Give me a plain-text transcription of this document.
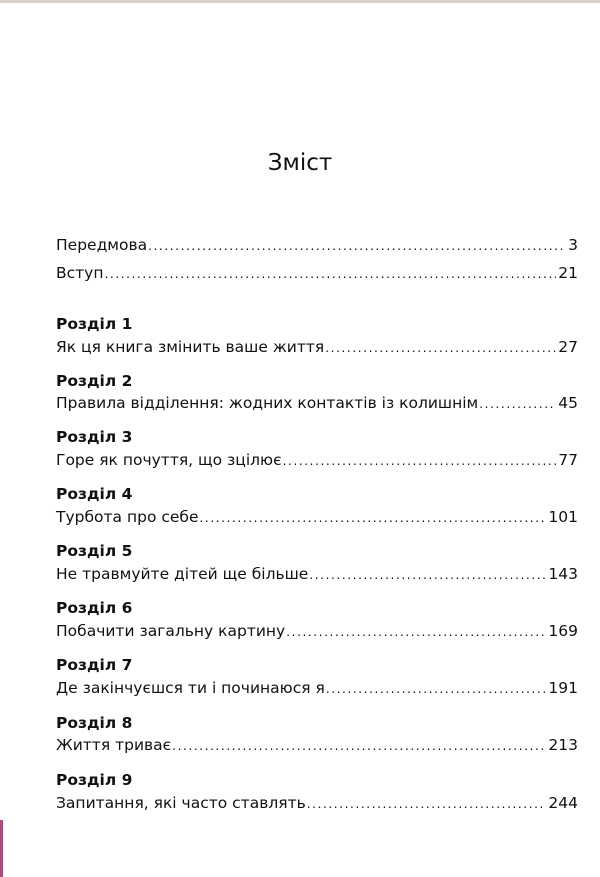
Зміст
Передмова .....	3
Вступ .....	21
Розділ 1
Як ця книга змінить ваше життя .....	27
Розділ 2
Правила відділення: жодних контактів із колишнім .....	45
Розділ 3
Горе як почуття, що зцілює .....	77
Розділ 4
Турбота про себе .....	101
Розділ 5
Не травмуйте дітей ще більше .....	143
Розділ 6
Побачити загальну картину .....	169
Розділ 7
Де закінчуєшся ти і починаюся я .....	191
Розділ 8
Життя триває .....	213
Розділ 9
Запитання, які часто ставлять .....	244
